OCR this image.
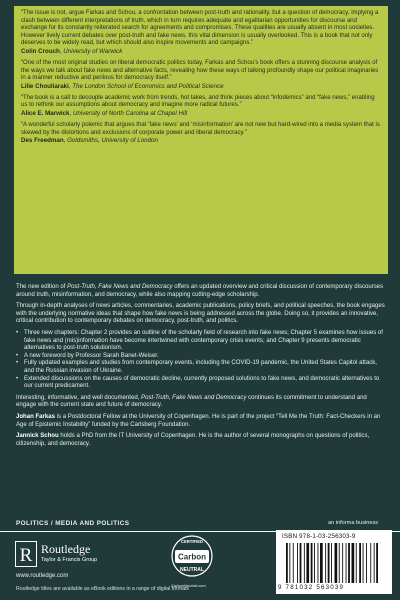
“The issue is not, argue Farkas and Schou, a confrontation between post-truth and rationality, but a question of democracy, implying a clash between different interpretations of truth, which in turn requires adequate and egalitarian opportunities for discourse and exchange for its constantly reiterated search for agreements and compromises. These qualities are usually absent in most societies. However lively current debates over post-truth and fake news, this vital dimension is usually overlooked. This is a book that not only deserves to be widely read, but which should also inspire movements and campaigns.”

Colin Crouch, University of Warwick

“One of the most original studies on liberal democratic politics today, Farkas and Schou’s book offers a stunning discourse analysis of the ways we talk about fake news and alternative facts, revealing how these ways of talking profoundly shape our political imaginaries in a manner reductive and perilous for democracy itself.”

Lilie Chouliaraki, The London School of Economics and Political Science

“The book is a call to decouple academic work from trends, hot takes, and think pieces about “infodemics” and “fake news,” enabling us to rethink our assumptions about democracy and imagine more radical futures.”

Alice E. Marwick, University of North Carolina at Chapel Hill

“A wonderful scholarly polemic that argues that ‘fake news’ and ‘misinformation’ are not new but hard-wired into a media system that is skewed by the distortions and exclusions of corporate power and liberal democracy.”

Des Freedman, Goldsmiths, University of London

The new edition of Post-Truth, Fake News and Democracy offers an updated overview and critical discussion of contemporary discourses around truth, misinformation, and democracy, while also mapping cutting-edge scholarship.

Through in-depth analyses of news articles, commentaries, academic publications, policy briefs, and political speeches, the book engages with the underlying normative ideas that shape how fake news is being addressed across the globe. Doing so, it provides an innovative, critical contribution to contemporary debates on democracy, post-truth, and politics.

• Three new chapters: Chapter 2 provides an outline of the scholarly field of research into fake news; Chapter 5 examines how issues of fake news and (mis)information have become intertwined with contemporary crisis events; and Chapter 9 presents democratic alternatives to post-truth solutionism.
• A new foreword by Professor Sarah Banet-Weiser.
• Fully updated examples and studies from contemporary events, including the COVID-19 pandemic, the United States Capitol attack, and the Russian invasion of Ukraine.
• Extended discussions on the causes of democratic decline, currently proposed solutions to fake news, and democratic alternatives to our current predicament.

Interesting, informative, and well documented, Post-Truth, Fake News and Democracy continues its commitment to understand and engage with the current state and future of democracy.

Johan Farkas is a Postdoctoral Fellow at the University of Copenhagen. He is part of the project “Tell Me the Truth: Fact-Checkers in an Age of Epistemic Instability” funded by the Carlsberg Foundation.

Jannick Schou holds a PhD from the IT University of Copenhagen. He is the author of several monographs on questions of politics, citizenship, and democracy.

POLITICS / MEDIA AND POLITICS	an informa business
R Routledge
Taylor & Francis Group
www.routledge.com
Routledge titles are available as eBook editions in a range of digital formats
CERTIFIED
Carbon
NEUTRAL
CarbonNeutral.com
ISBN 978-1-03-256303-9
9 781032 563039
